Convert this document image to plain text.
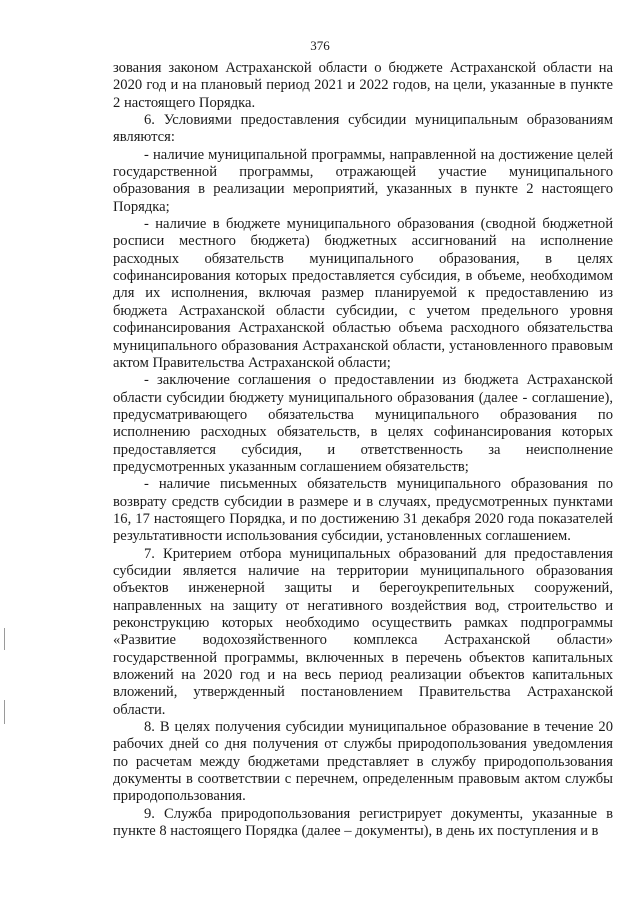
376

зования законом Астраханской области о бюджете Астраханской области на 2020 год и на плановый период 2021 и 2022 годов, на цели, указанные в пункте 2 настоящего Порядка.

6. Условиями предоставления субсидии муниципальным образованиям являются:

- наличие муниципальной программы, направленной на достижение целей государственной программы, отражающей участие муниципального образования в реализации мероприятий, указанных в пункте 2 настоящего Порядка;

- наличие в бюджете муниципального образования (сводной бюджетной росписи местного бюджета) бюджетных ассигнований на исполнение расходных обязательств муниципального образования, в целях софинансирования которых предоставляется субсидия, в объеме, необходимом для их исполнения, включая размер планируемой к предоставлению из бюджета Астраханской области субсидии, с учетом предельного уровня софинансирования Астраханской областью объема расходного обязательства муниципального образования Астраханской области, установленного правовым актом Правительства Астраханской области;

- заключение соглашения о предоставлении из бюджета Астраханской области субсидии бюджету муниципального образования (далее - соглашение), предусматривающего обязательства муниципального образования по исполнению расходных обязательств, в целях софинансирования которых предоставляется субсидия, и ответственность за неисполнение предусмотренных указанным соглашением обязательств;

- наличие письменных обязательств муниципального образования по возврату средств субсидии в размере и в случаях, предусмотренных пунктами 16, 17 настоящего Порядка, и по достижению 31 декабря 2020 года показателей результативности использования субсидии, установленных соглашением.

7. Критерием отбора муниципальных образований для предоставления субсидии является наличие на территории муниципального образования объектов инженерной защиты и берегоукрепительных сооружений, направленных на защиту от негативного воздействия вод, строительство и реконструкцию которых необходимо осуществить рамках подпрограммы «Развитие водохозяйственного комплекса Астраханской области» государственной программы, включенных в перечень объектов капитальных вложений на 2020 год и на весь период реализации объектов капитальных вложений, утвержденный постановлением Правительства Астраханской области.

8. В целях получения субсидии муниципальное образование в течение 20 рабочих дней со дня получения от службы природопользования уведомления по расчетам между бюджетами представляет в службу природопользования документы в соответствии с перечнем, определенным правовым актом службы природопользования.

9. Служба природопользования регистрирует документы, указанные в пункте 8 настоящего Порядка (далее – документы), в день их поступления и в
